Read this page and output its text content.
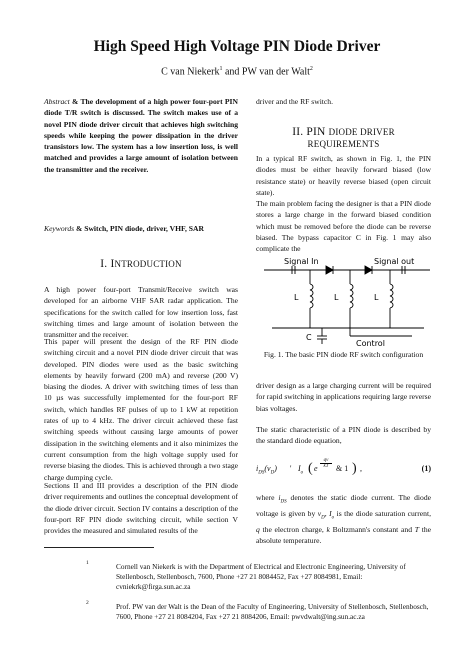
High Speed High Voltage PIN Diode Driver
C van Niekerk$^1$ and PW van der Walt$^2$
Abstract & The development of a high power four-port PIN diode T/R switch is discussed. The switch makes use of a novel PIN diode driver circuit that achieves high switching speeds while keeping the power dissipation in the driver transistors low. The system has a low insertion loss, is well matched and provides a large amount of isolation between the transmitter and the receiver.
Keywords & Switch, PIN diode, driver, VHF, SAR
I. INTRODUCTION
A high power four-port Transmit/Receive switch was developed for an airborne VHF SAR radar application. The specifications for the switch called for low insertion loss, fast switching times and large amount of isolation between the transmitter and the receiver.
This paper will present the design of the RF PIN diode switching circuit and a novel PIN diode driver circuit that was developed. PIN diodes were used as the basic switching elements by heavily forward (200 mA) and reverse (200 V) biasing the diodes. A driver with switching times of less than 10 µs was successfully implemented for the four-port RF switch, which handles RF pulses of up to 1 kW at repetition rates of up to 4 kHz. The driver circuit achieved these fast switching speeds without causing large amounts of power dissipation in the switching elements and it also minimizes the current consumption from the high voltage supply used for reverse biasing the diodes. This is achieved through a two stage charge dumping cycle.
Sections II and III provides a description of the PIN diode driver requirements and outlines the conceptual development of the diode driver circuit. Section IV contains a description of the four-port RF PIN diode switching circuit, while section V provides the measured and simulated results of the
driver and the RF switch.
II. PIN DIODE DRIVER REQUIREMENTS
In a typical RF switch, as shown in Fig. 1, the PIN diodes must be either heavily forward biased (low resistance state) or heavily reverse biased (open circuit state).
The main problem facing the designer is that a PIN diode stores a large charge in the forward biased condition which must be removed before the diode can be reverse biased. The bypass capacitor C in Fig. 1 may also complicate the
Signal In	Signal out
L	L	L
C
Control
Fig. 1. The basic PIN diode RF switch configuration
driver design as a large charging current will be required for rapid switching in applications requiring large reverse bias voltages.
The static characteristic of a PIN diode is described by the standard diode equation,
$i_{DS}(v_D)$ ' $I_o$ ( e
qv
kT & 1 ) ,	(1)
where $i_{DS}$ denotes the static diode current. The diode voltage is given by $v_D$, $I_o$ is the diode saturation current, q the electron charge, k Boltzmann's constant and T the absolute temperature.
1	Cornell van Niekerk is with the Department of Electrical and Electronic Engineering, University of Stellenbosch, Stellenbosch, 7600, Phone +27 21 8084452, Fax +27 8084981, Email: cvniekrk@firga.sun.ac.za
2	Prof. PW van der Walt is the Dean of the Faculty of Engineering, University of Stellenbosch, Stellenbosch, 7600, Phone +27 21 8084204, Fax +27 21 8084206, Email: pwvdwalt@ing.sun.ac.za
